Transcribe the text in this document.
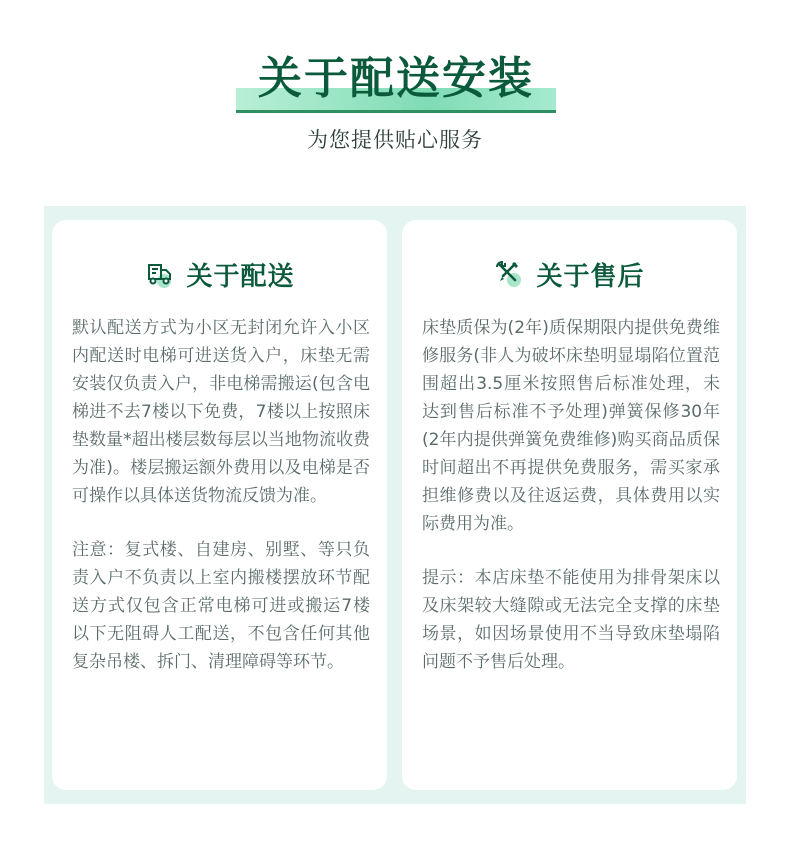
关于配送安装
为您提供贴心服务
关于配送

默认配送方式为小区无封闭允许入小区内配送时电梯可进送货入户，床垫无需安装仅负责入户，非电梯需搬运(包含电梯进不去7楼以下免费，7楼以上按照床垫数量*超出楼层数每层以当地物流收费为准)。楼层搬运额外费用以及电梯是否可操作以具体送货物流反馈为准。

注意：复式楼、自建房、别墅、等只负责入户不负责以上室内搬楼摆放环节配送方式仅包含正常电梯可进或搬运7楼以下无阻碍人工配送，不包含任何其他复杂吊楼、拆门、清理障碍等环节。

关于售后

床垫质保为(2年)质保期限内提供免费维修服务(非人为破坏床垫明显塌陷位置范围超出3.5厘米按照售后标准处理，未达到售后标准不予处理)弹簧保修30年(2年内提供弹簧免费维修)购买商品质保时间超出不再提供免费服务，需买家承担维修费以及往返运费，具体费用以实际费用为准。

提示：本店床垫不能使用为排骨架床以及床架较大缝隙或无法完全支撑的床垫场景，如因场景使用不当导致床垫塌陷问题不予售后处理。
